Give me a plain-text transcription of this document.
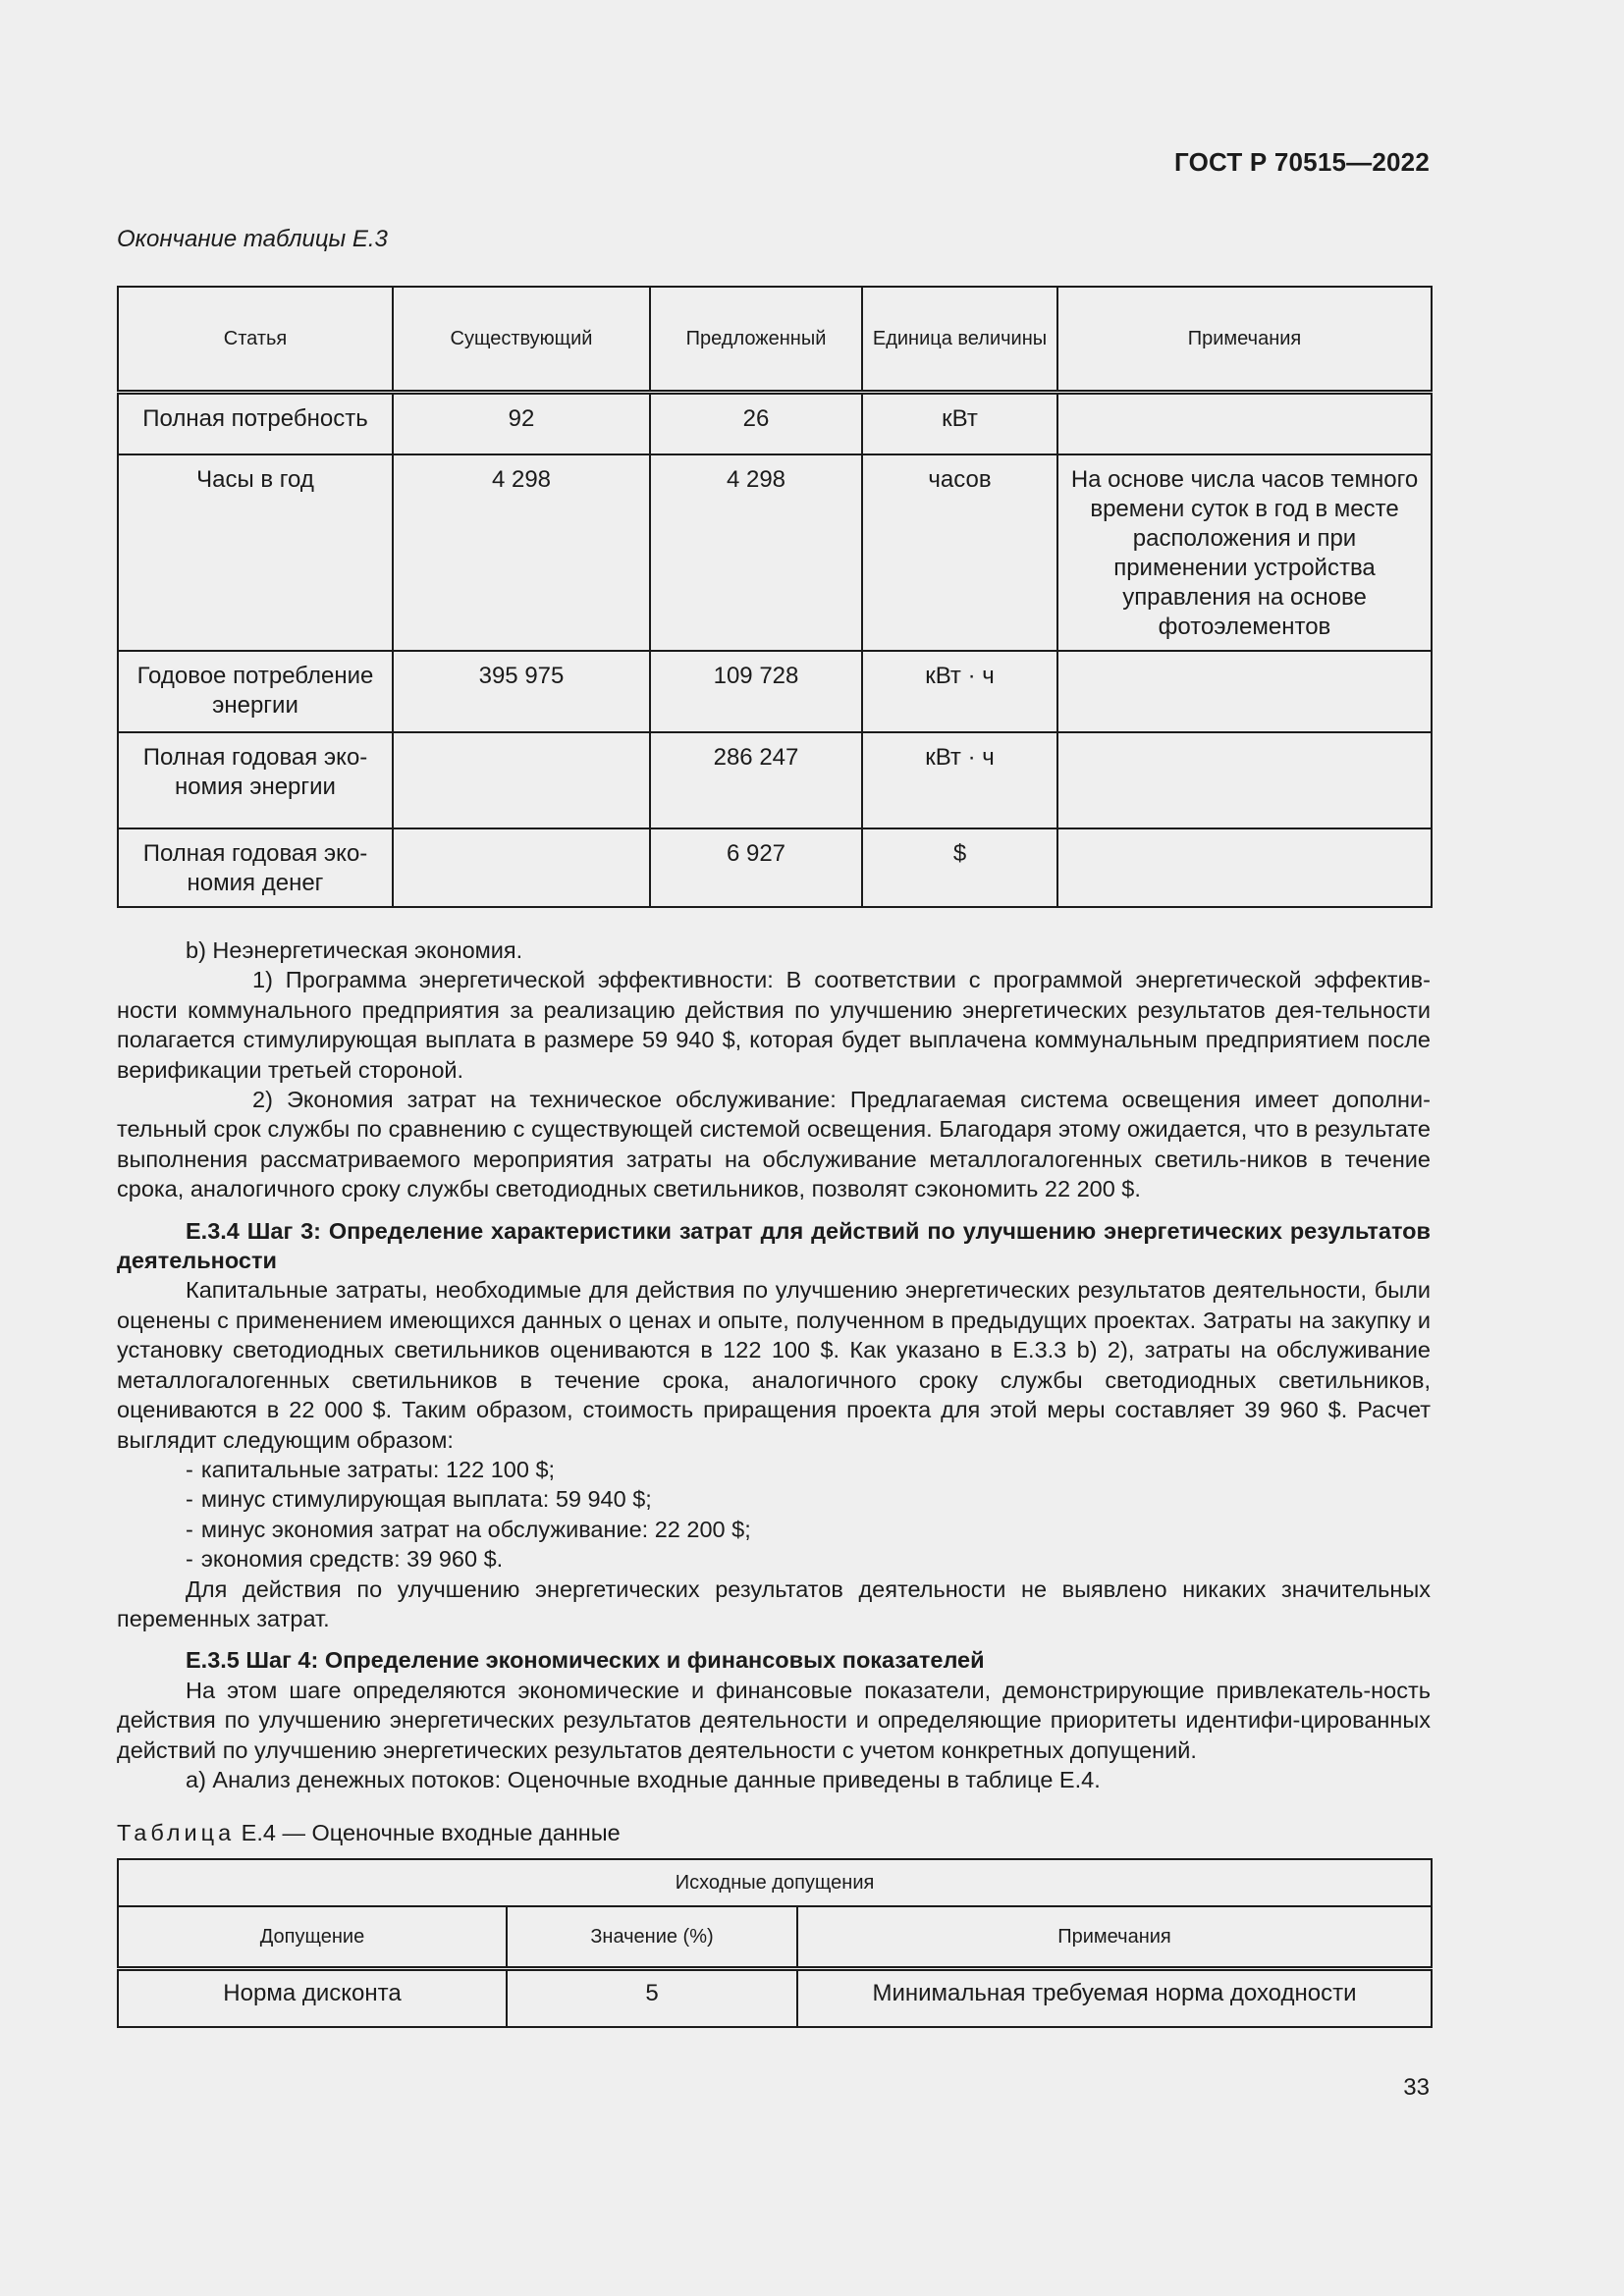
ГОСТ Р 70515—2022
Окончание таблицы Е.3
Статья	Существующий	Предложенный	Единица величины	Примечания
Полная потребность	92	26	кВт	
Часы в год	4 298	4 298	часов	На основе числа часов темного времени суток в год в месте расположения и при применении устройства управления на основе фотоэлементов
Годовое потребление энергии	395 975	109 728	кВт · ч	
Полная годовая эко-номия энергии		286 247	кВт · ч	
Полная годовая эко-номия денег		6 927	$	

b) Неэнергетическая экономия.

1) Программа энергетической эффективности: В соответствии с программой энергетической эффектив-ности коммунального предприятия за реализацию действия по улучшению энергетических результатов дея-тельности полагается стимулирующая выплата в размере 59 940 $, которая будет выплачена коммунальным предприятием после верификации третьей стороной.

2) Экономия затрат на техническое обслуживание: Предлагаемая система освещения имеет дополни-тельный срок службы по сравнению с существующей системой освещения. Благодаря этому ожидается, что в результате выполнения рассматриваемого мероприятия затраты на обслуживание металлогалогенных светиль-ников в течение срока, аналогичного сроку службы светодиодных светильников, позволят сэкономить 22 200 $.

Е.3.4 Шаг 3: Определение характеристики затрат для действий по улучшению энергетических результатов деятельности

Капитальные затраты, необходимые для действия по улучшению энергетических результатов деятельности, были оценены с применением имеющихся данных о ценах и опыте, полученном в предыдущих проектах. Затраты на закупку и установку светодиодных светильников оцениваются в 122 100 $. Как указано в Е.3.3 b) 2), затраты на обслуживание металлогалогенных светильников в течение срока, аналогичного сроку службы светодиодных светильников, оцениваются в 22 000 $. Таким образом, стоимость приращения проекта для этой меры составляет 39 960 $. Расчет выглядит следующим образом:

- капитальные затраты: 122 100 $;

- минус стимулирующая выплата: 59 940 $;

- минус экономия затрат на обслуживание: 22 200 $;

- экономия средств: 39 960 $.

Для действия по улучшению энергетических результатов деятельности не выявлено никаких значительных переменных затрат.

Е.3.5 Шаг 4: Определение экономических и финансовых показателей

На этом шаге определяются экономические и финансовые показатели, демонстрирующие привлекатель-ность действия по улучшению энергетических результатов деятельности и определяющие приоритеты идентифи-цированных действий по улучшению энергетических результатов деятельности с учетом конкретных допущений.

а) Анализ денежных потоков: Оценочные входные данные приведены в таблице Е.4.

Таблица Е.4 — Оценочные входные данные

Исходные допущения		
Допущение	Значение (%)	Примечания
Норма дисконта	5	Минимальная требуемая норма доходности
33
